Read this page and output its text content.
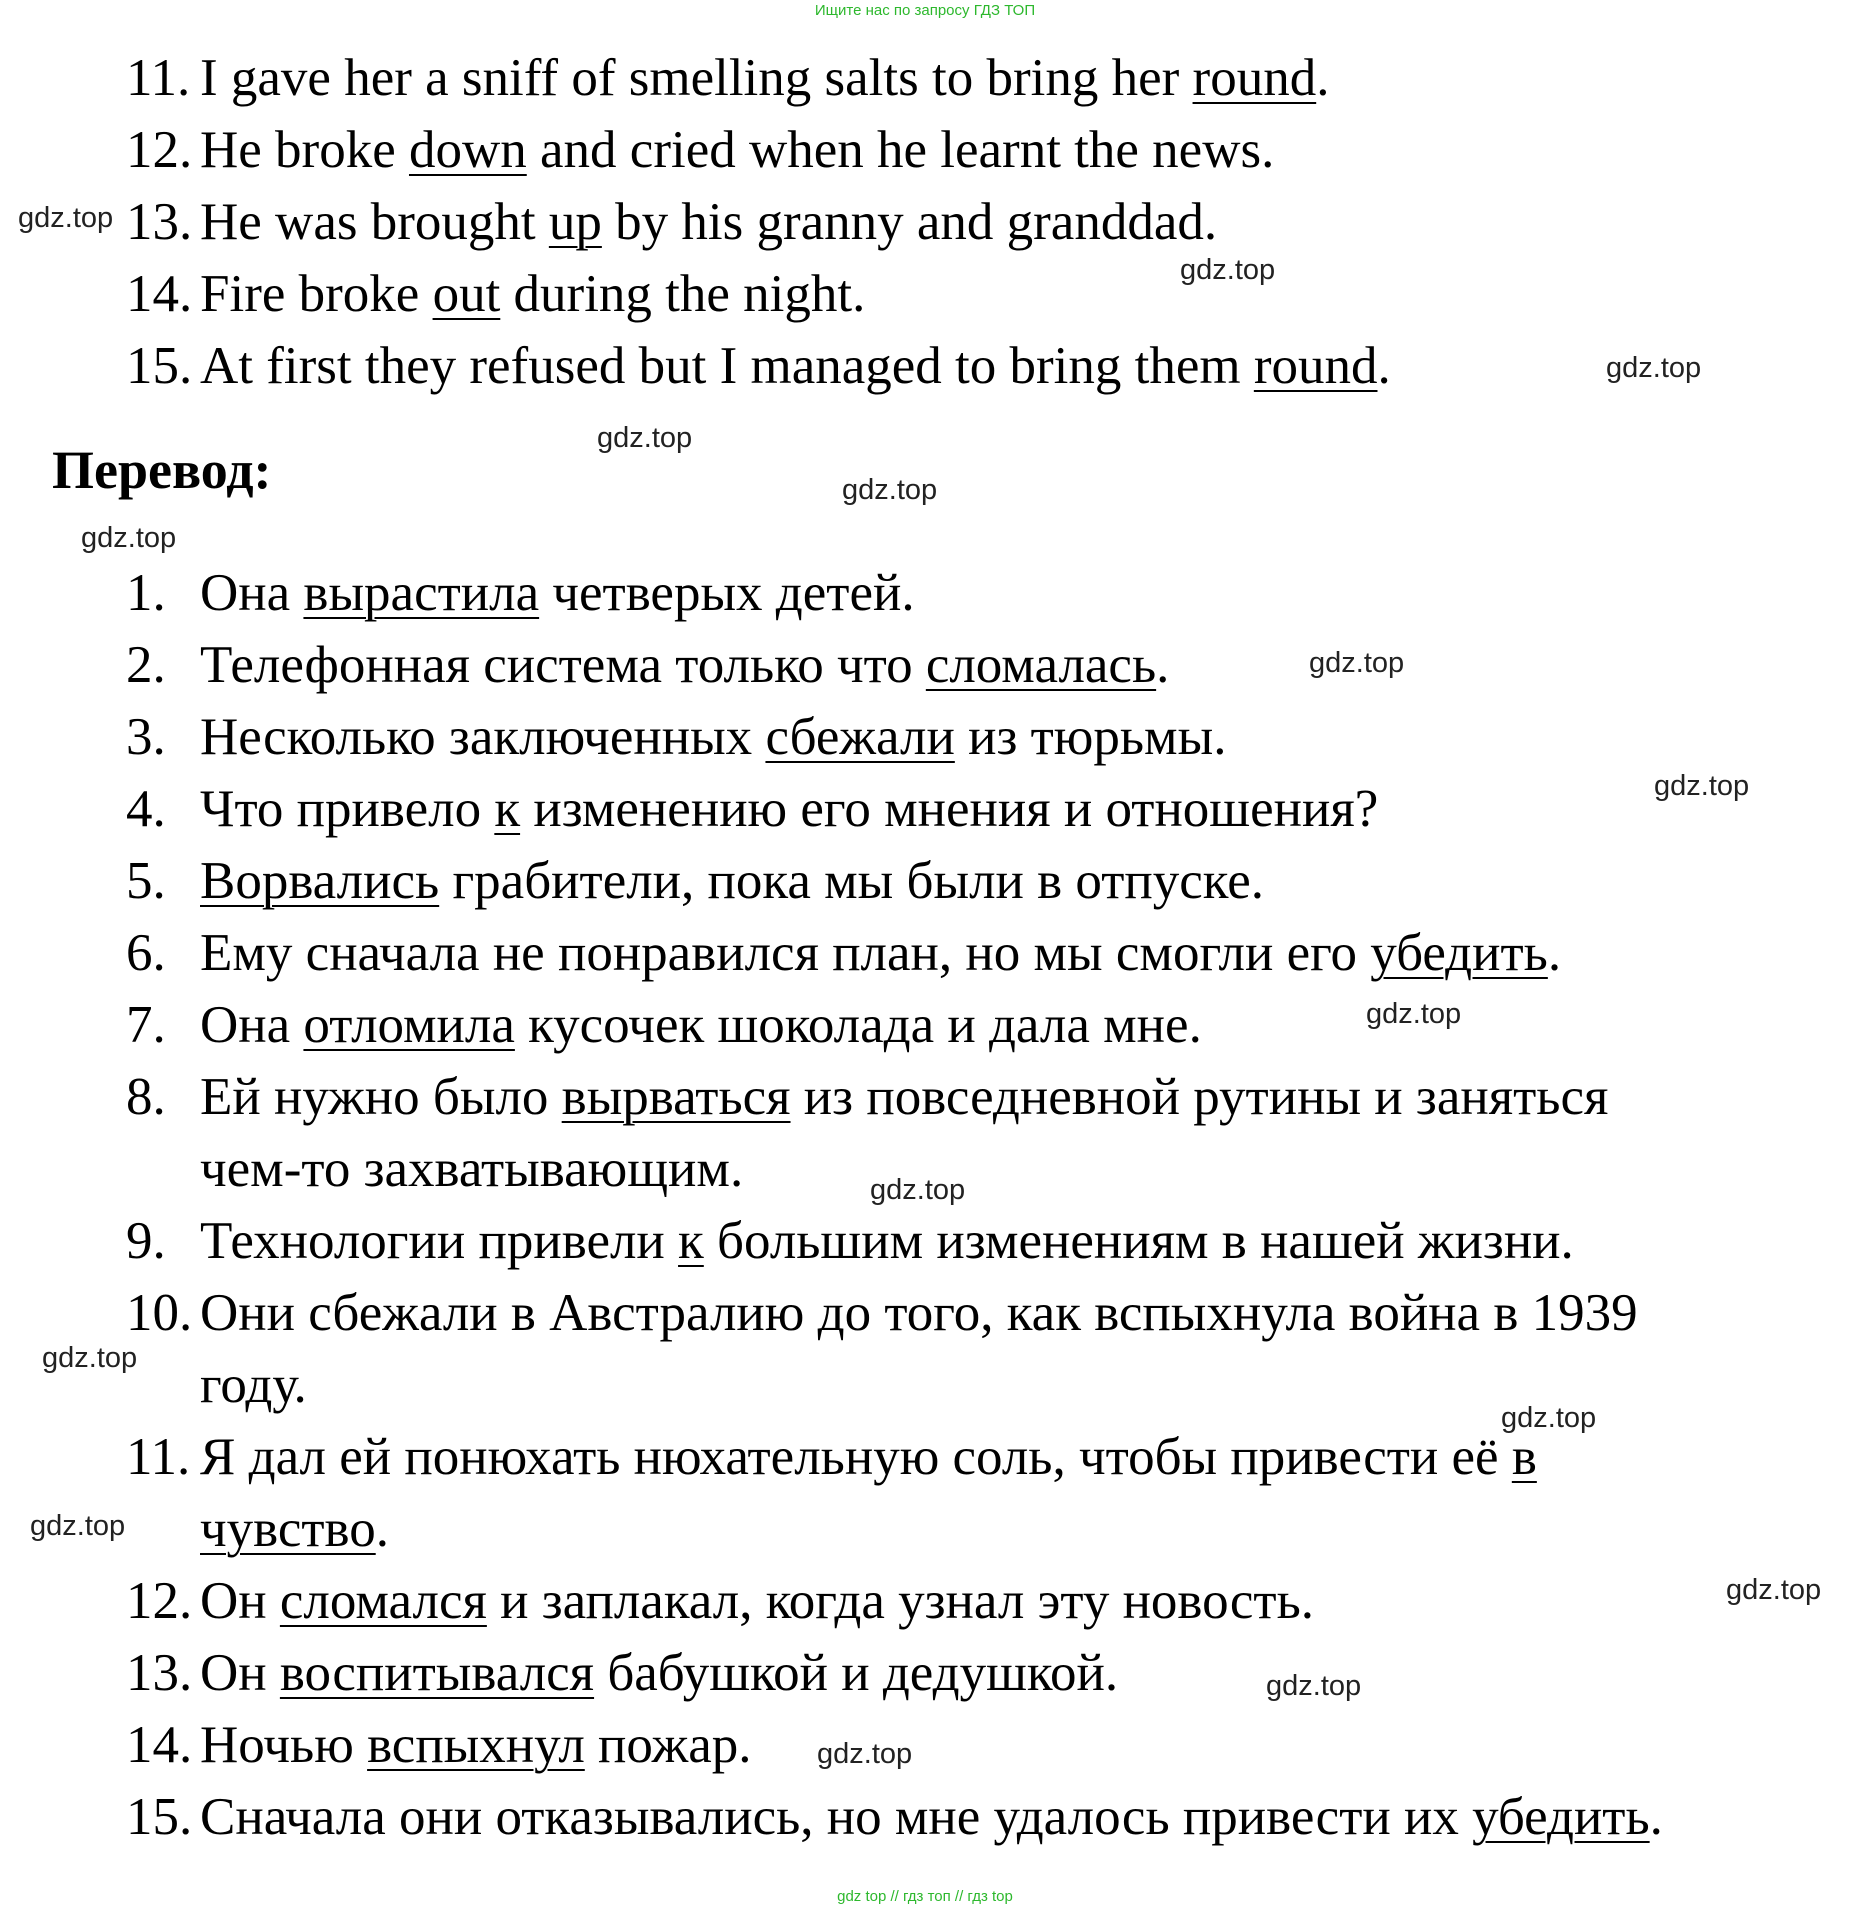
Ищите нас по запросу ГДЗ ТОП
11. I gave her a sniff of smelling salts to bring her round.
12. He broke down and cried when he learnt the news.
13. He was brought up by his granny and granddad.
14. Fire broke out during the night.
15. At first they refused but I managed to bring them round.
Перевод:
1. Она вырастила четверых детей.
2. Телефонная система только что сломалась.
3. Несколько заключенных сбежали из тюрьмы.
4. Что привело к изменению его мнения и отношения?
5. Ворвались грабители, пока мы были в отпуске.
6. Ему сначала не понравился план, но мы смогли его убедить.
7. Она отломила кусочек шоколада и дала мне.
8. Ей нужно было вырваться из повседневной рутины и заняться
чем-то захватывающим.
9. Технологии привели к большим изменениям в нашей жизни.
10. Они сбежали в Австралию до того, как вспыхнула война в 1939
году.
11. Я дал ей понюхать нюхательную соль, чтобы привести её в
чувство.
12. Он сломался и заплакал, когда узнал эту новость.
13. Он воспитывался бабушкой и дедушкой.
14. Ночью вспыхнул пожар.
15. Сначала они отказывались, но мне удалось привести их убедить.
gdz.top
gdz.top
gdz.top
gdz.top
gdz.top
gdz.top
gdz.top
gdz.top
gdz.top
gdz.top
gdz.top
gdz.top
gdz.top
gdz.top
gdz.top
gdz.top
gdz top // гдз топ // гдз top
